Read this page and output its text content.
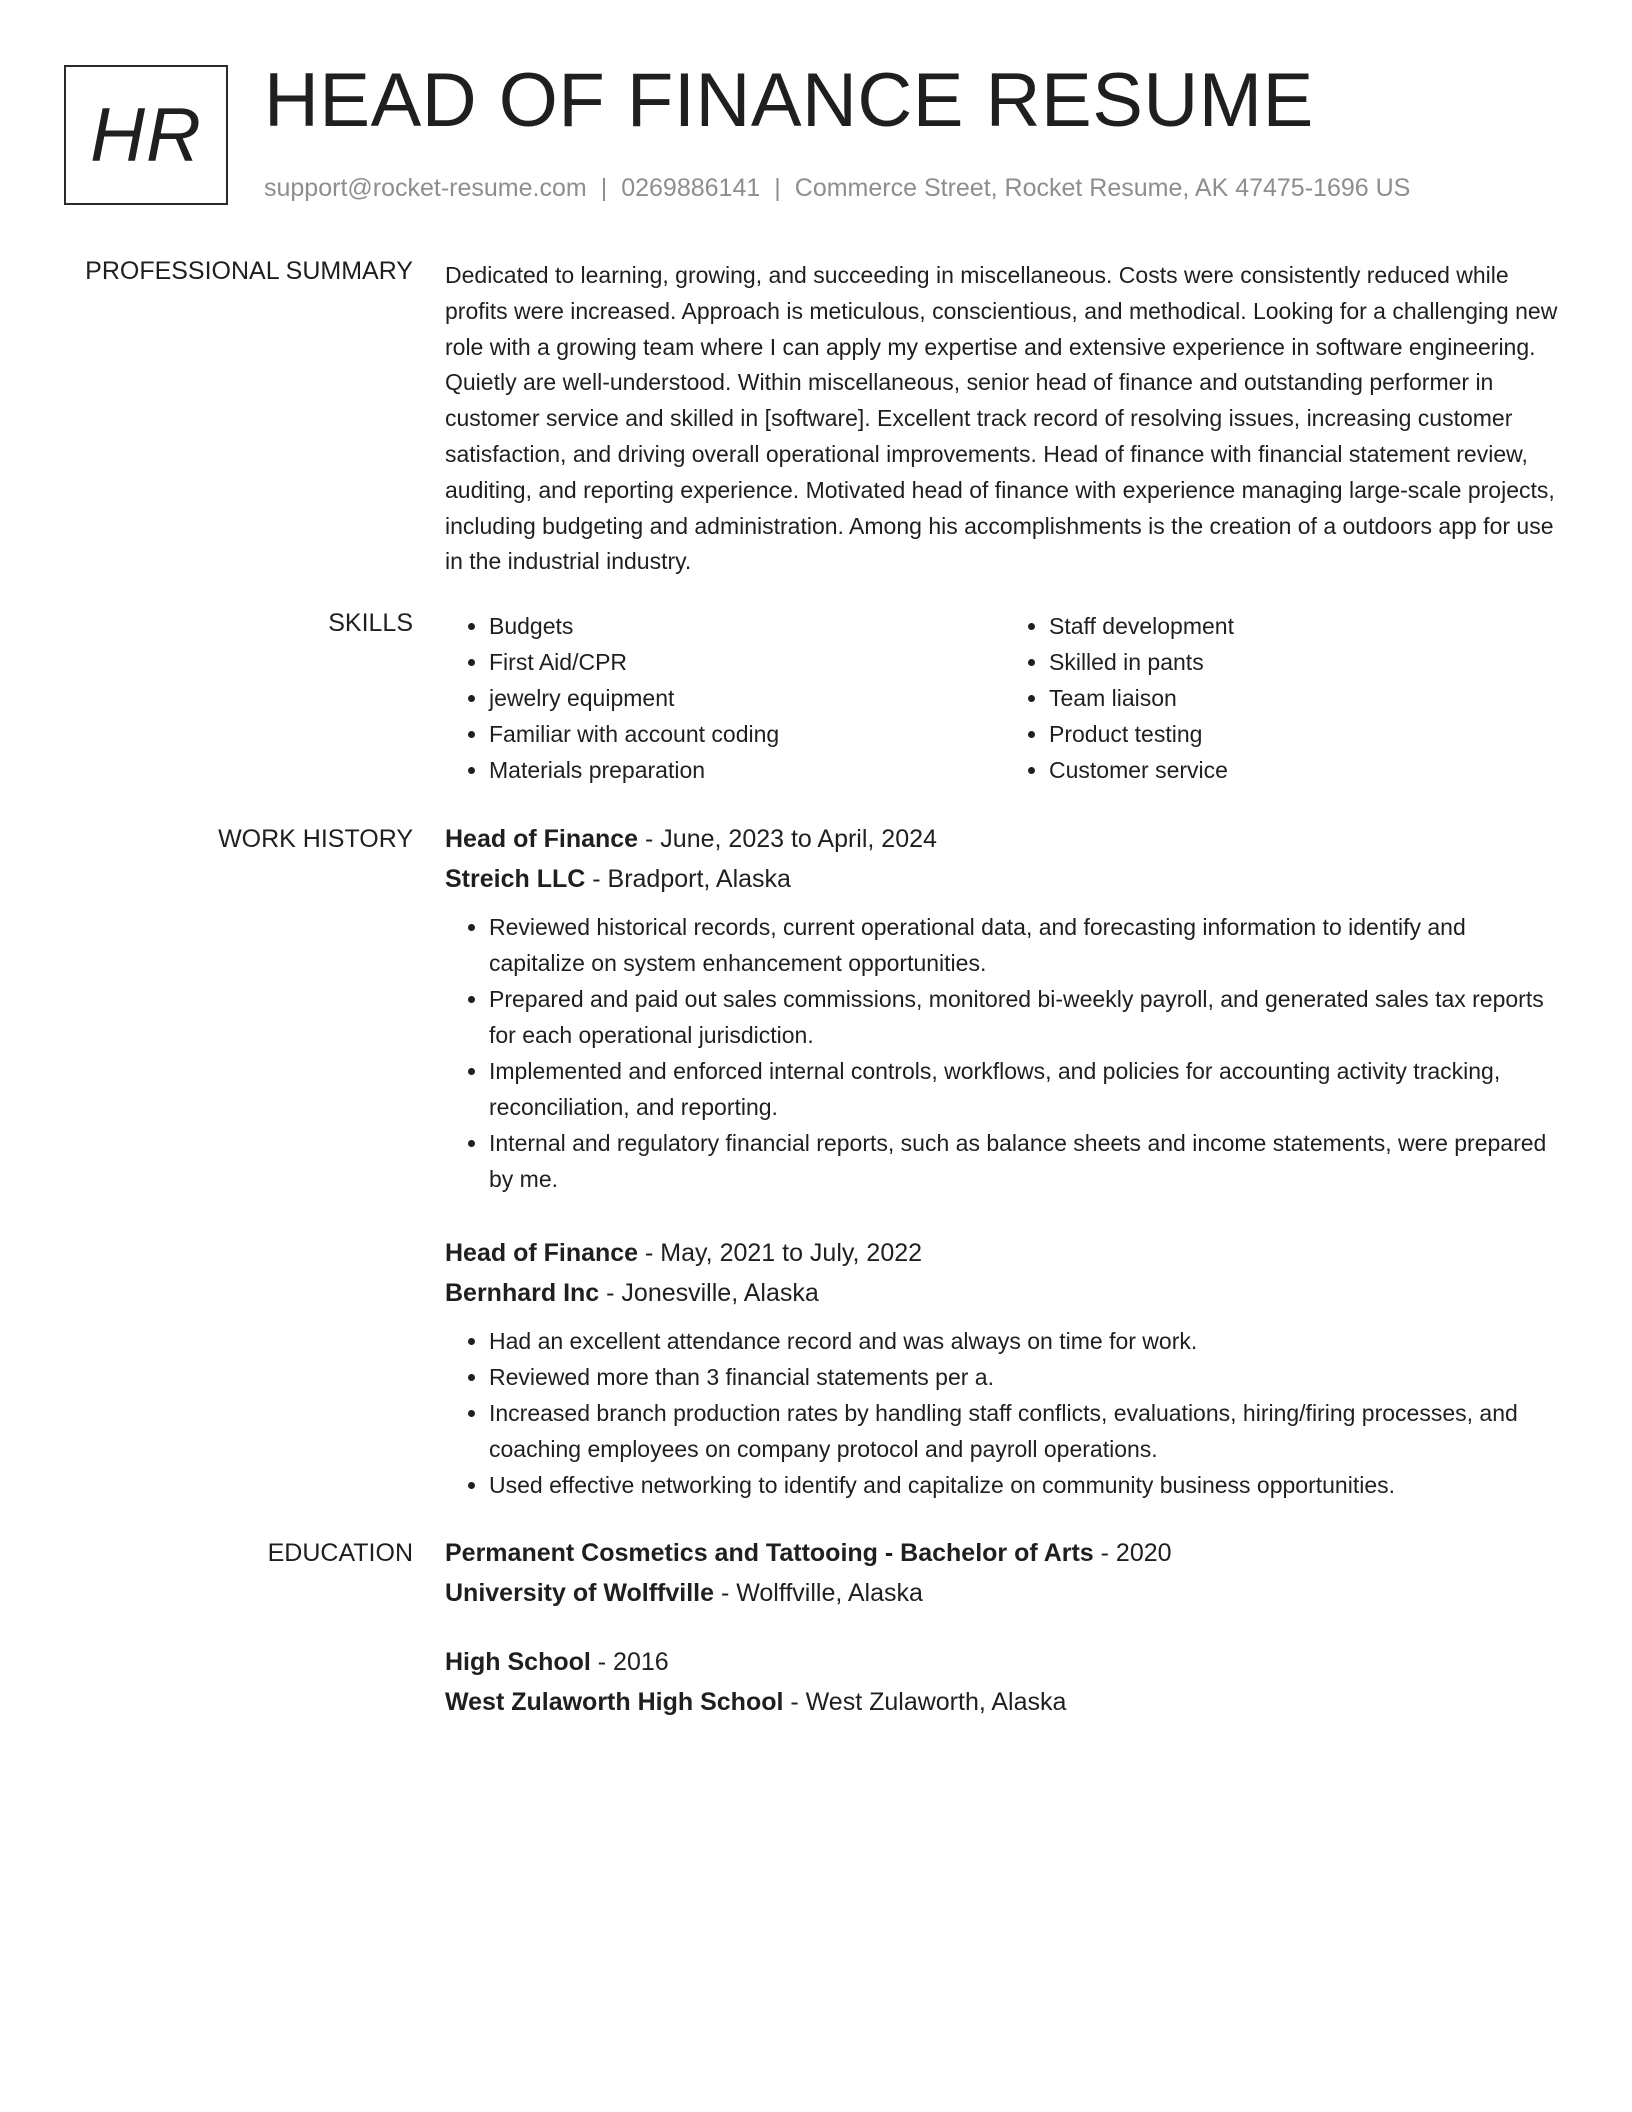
HR HEAD OF FINANCE RESUME
support@rocket-resume.com | 0269886141 | Commerce Street, Rocket Resume, AK 47475-1696 US
PROFESSIONAL SUMMARY Dedicated to learning, growing, and succeeding in miscellaneous. Costs were consistently reduced while profits were increased. Approach is meticulous, conscientious, and methodical. Looking for a challenging new role with a growing team where I can apply my expertise and extensive experience in software engineering. Quietly are well-understood. Within miscellaneous, senior head of finance and outstanding performer in customer service and skilled in [software]. Excellent track record of resolving issues, increasing customer satisfaction, and driving overall operational improvements. Head of finance with financial statement review, auditing, and reporting experience. Motivated head of finance with experience managing large-scale projects, including budgeting and administration. Among his accomplishments is the creation of a outdoors app for use in the industrial industry.

SKILLS
•	Budgets
• First Aid/CPR
• jewelry equipment
• Familiar with account coding
• Materials preparation
• Staff development
• Skilled in pants
• Team liaison
• Product testing
• Customer service
WORK HISTORY Head of Finance - June, 2023 to April, 2024
Streich LLC - Bradport, Alaska
• Reviewed historical records, current operational data, and forecasting information to identify and capitalize on system enhancement opportunities.
• Prepared and paid out sales commissions, monitored bi-weekly payroll, and generated sales tax reports for each operational jurisdiction.
• Implemented and enforced internal controls, workflows, and policies for accounting activity tracking, reconciliation, and reporting.
• Internal and regulatory financial reports, such as balance sheets and income statements, were prepared by me.
Head of Finance - May, 2021 to July, 2022
Bernhard Inc - Jonesville, Alaska
• Had an excellent attendance record and was always on time for work.
• Reviewed more than 3 financial statements per a.
• Increased branch production rates by handling staff conflicts, evaluations, hiring/firing processes, and coaching employees on company protocol and payroll operations.
• Used effective networking to identify and capitalize on community business opportunities.
EDUCATION Permanent Cosmetics and Tattooing - Bachelor of Arts - 2020
University of Wolffville - Wolffville, Alaska
High School - 2016
West Zulaworth High School - West Zulaworth, Alaska
